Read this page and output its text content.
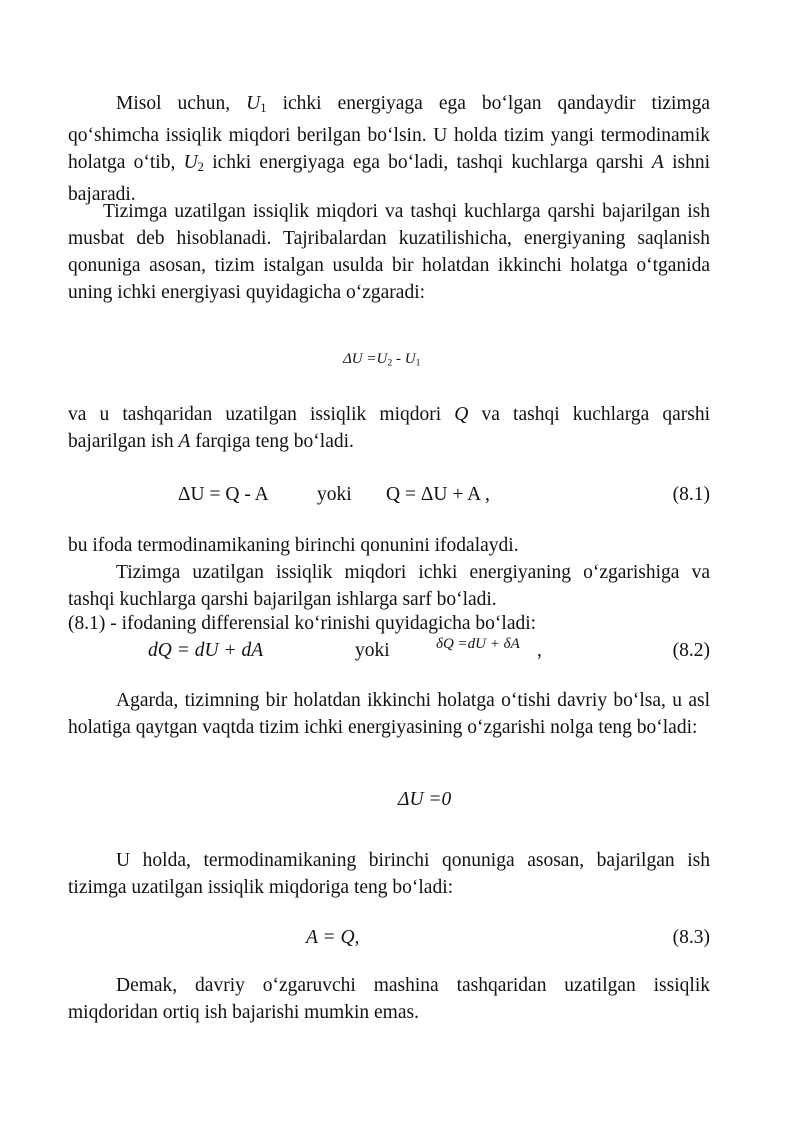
Misol uchun, $U_1$ ichki energiyaga ega bo‘lgan qandaydir tizimga qo‘shimcha issiqlik miqdori berilgan bo‘lsin. U holda tizim yangi termodinamik holatga o‘tib, $U_2$ ichki energiyaga ega bo‘ladi, tashqi kuchlarga qarshi A ishni bajaradi.

Tizimga uzatilgan issiqlik miqdori va tashqi kuchlarga qarshi bajarilgan ish musbat deb hisoblanadi. Tajribalardan kuzatilishicha, energiyaning saqlanish qonuniga asosan, tizim istalgan usulda bir holatdan ikkinchi holatga o‘tganida uning ichki energiyasi quyidagicha o‘zgaradi:

$\Delta U =U_2 - U_1$

va u tashqaridan uzatilgan issiqlik miqdori Q va tashqi kuchlarga qarshi bajarilgan ish A farqiga teng bo‘ladi.

ΔU = Q - A yoki Q = ΔU + A ,	(8.1)

bu ifoda termodinamikaning birinchi qonunini ifodalaydi.

Tizimga uzatilgan issiqlik miqdori ichki energiyaning o‘zgarishiga va tashqi kuchlarga qarshi bajarilgan ishlarga sarf bo‘ladi.

(8.1) - ifodaning differensial ko‘rinishi quyidagicha bo‘ladi:

dQ = dU + dA	yoki	δQ =dU + δA ,	(8.2)

Agarda, tizimning bir holatdan ikkinchi holatga o‘tishi davriy bo‘lsa, u asl holatiga qaytgan vaqtda tizim ichki energiyasining o‘zgarishi nolga teng bo‘ladi:

ΔU =0

U holda, termodinamikaning birinchi qonuniga asosan, bajarilgan ish tizimga uzatilgan issiqlik miqdoriga teng bo‘ladi:

A = Q,	(8.3)

Demak, davriy o‘zgaruvchi mashina tashqaridan uzatilgan issiqlik miqdoridan ortiq ish bajarishi mumkin emas.
